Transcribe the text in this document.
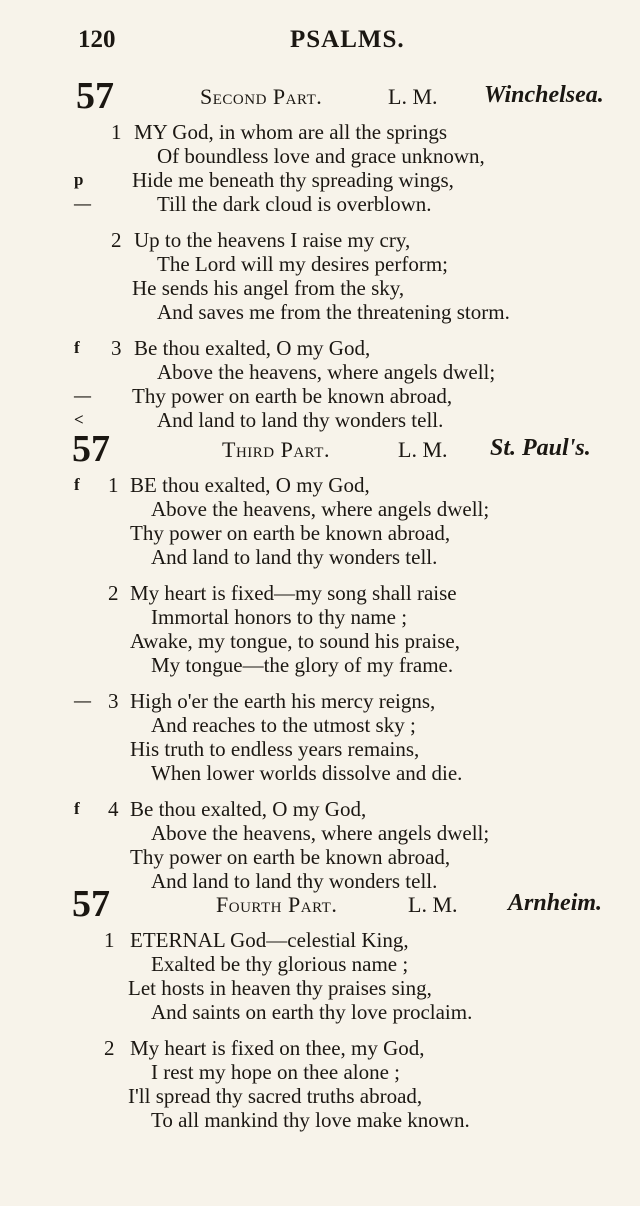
120	PSALMS.
57	Second Part.	L. M. Winchelsea.
1 MY God, in whom are all the springs
Of boundless love and grace unknown,
p Hide me beneath thy spreading wings,
—	Till the dark cloud is overblown.
2 Up to the heavens I raise my cry,
The Lord will my desires perform;
He sends his angel from the sky,
And saves me from the threatening storm.
f 3 Be thou exalted, O my God,
Above the heavens, where angels dwell;
— Thy power on earth be known abroad,
<	And land to land thy wonders tell.
57	Third Part.	L. M. St. Paul's.
f 1 BE thou exalted, O my God,
Above the heavens, where angels dwell;
Thy power on earth be known abroad,
And land to land thy wonders tell.
2 My heart is fixed—my song shall raise
Immortal honors to thy name ;
Awake, my tongue, to sound his praise,
My tongue—the glory of my frame.
— 3 High o'er the earth his mercy reigns,
And reaches to the utmost sky ;
His truth to endless years remains,
When lower worlds dissolve and die.
f 4 Be thou exalted, O my God,
Above the heavens, where angels dwell;
Thy power on earth be known abroad,
And land to land thy wonders tell.
57	Fourth Part.	L. M. Arnheim.
1 ETERNAL God—celestial King,
Exalted be thy glorious name ;
Let hosts in heaven thy praises sing,
And saints on earth thy love proclaim.
2 My heart is fixed on thee, my God,
I rest my hope on thee alone ;
I'll spread thy sacred truths abroad,
To all mankind thy love make known.
